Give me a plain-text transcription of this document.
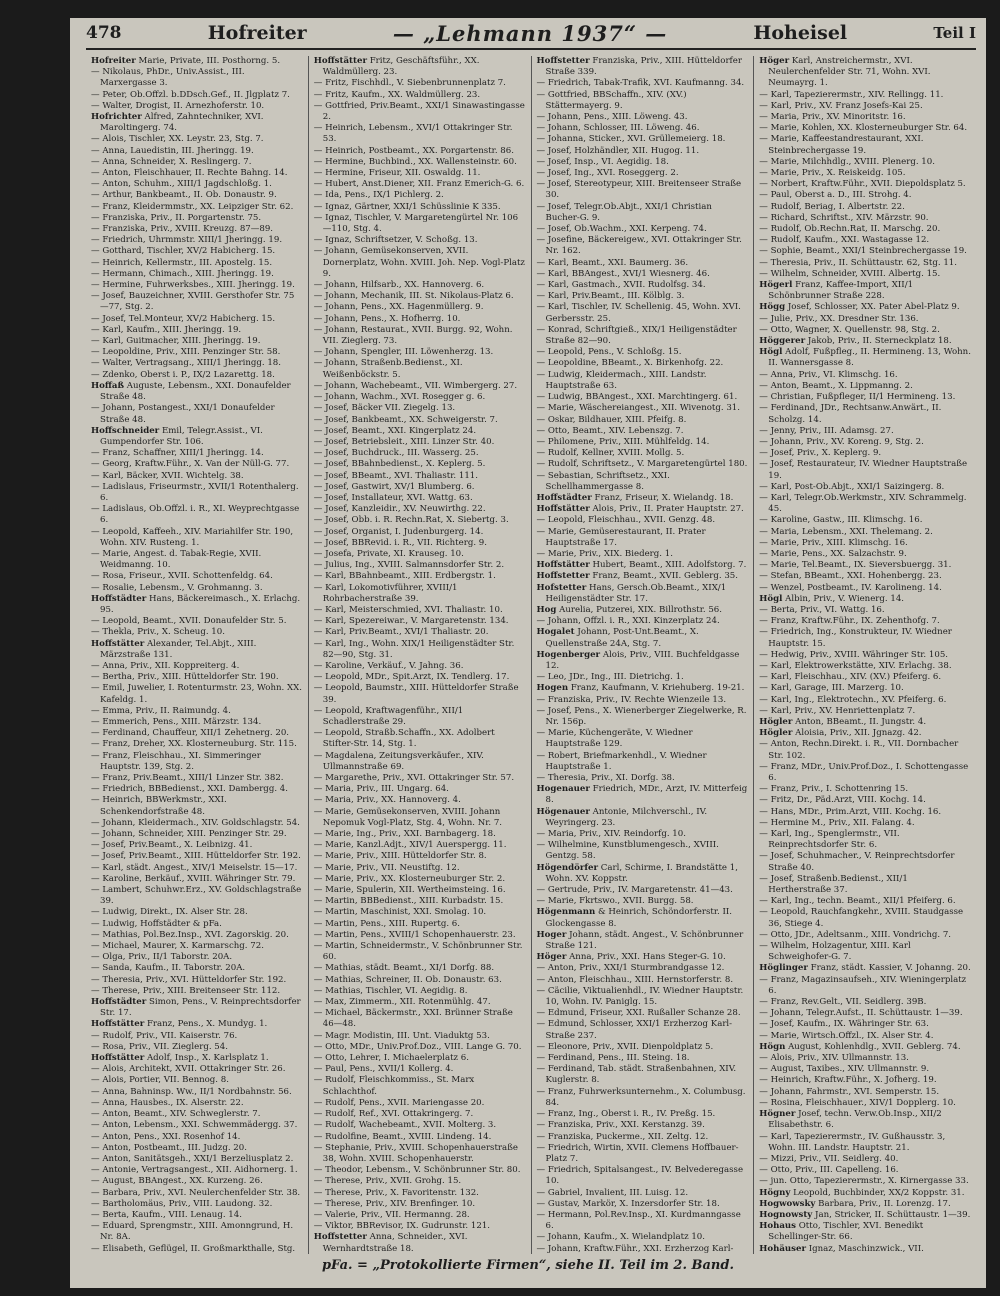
478	Hofreiter	— „Lehmann 1937“ —	Hoheisel	Teil I
Hofreiter Marie, Private, III. Posthorng. 5.
— Nikolaus, PhDr., Univ.Assist., III. Marxergasse 3.
— Peter, Ob.Offzl. b.DDsch.Gef., II. Jlgplatz 7.
— Walter, Drogist, II. Arnezhoferstr. 10.
Hofrichter Alfred, Zahntechniker, XVI. Maroltingerg. 74.
— Alois, Tischler, XX. Leystr. 23, Stg. 7.
— Anna, Lauedistin, III. Jheringg. 19.
— Anna, Schneider, X. Reslingerg. 7.
— Anton, Fleischhauer, II. Rechte Bahng. 14.
— Anton, Schuhm., XIII/1 Jagdschloßg. 1.
— Arthur, Bankbeamt., II. Ob. Donaustr. 9.
— Franz, Kleidermmstr., XX. Leipziger Str. 62.
— Franziska, Priv., II. Porgartenstr. 75.
— Franziska, Priv., XVIII. Kreuzg. 87—89.
— Friedrich, Uhrmmstr. XIII/1 Jheringg. 19.
— Gotthard, Tischler, XV/2 Habicherg. 15.
— Heinrich, Kellermstr., III. Apostelg. 15.
— Hermann, Chimach., XIII. Jheringg. 19.
— Hermine, Fuhrwerksbes., XIII. Jheringg. 19.
— Josef, Bauzeichner, XVIII. Gersthofer Str. 75—77, Stg. 2.
— Josef, Tel.Monteur, XV/2 Habicherg. 15.
— Karl, Kaufm., XIII. Jheringg. 19.
— Karl, Guitmacher, XIII. Jheringg. 19.
— Leopoldine, Priv., XIII. Penzinger Str. 58.
— Walter, Vertragsang., XIII/1 Jheringg. 18.
— Zdenko, Oberst i. P., IX/2 Lazarettg. 18.
Hoffaß Auguste, Lebensm., XXI. Donaufelder Straße 48.
— Johann, Postangest., XXI/1 Donaufelder Straße 48.
Hoffschneider Emil, Telegr.Assist., VI. Gumpendorfer Str. 106.
— Franz, Schaffner, XIII/1 Jheringg. 14.
— Georg, Kraftw.Führ., X. Van der Nüll-G. 77.
— Karl, Bäcker, XVII. Wichtelg. 38.
— Ladislaus, Friseurmstr., XVII/1 Rotenthalerg. 6.
— Ladislaus, Ob.Offzl. i. R., XI. Weyprechtgasse 6.
— Leopold, Kaffeeh., XIV. Mariahilfer Str. 190, Wohn. XIV. Rusteng. 1.
— Marie, Angest. d. Tabak-Regie, XVII. Weidmanng. 10.
— Rosa, Friseur., XVII. Schottenfeldg. 64.
— Rosalie, Lebensm., V. Grohmanng. 3.
Hoffstädter Hans, Bäckereimasch., X. Erlachg. 95.
— Leopold, Beamt., XVII. Donaufelder Str. 5.
— Thekla, Priv., X. Scheug. 10.
Hoffstätter Alexander, Tel.Abjt., XIII. Märzstraße 131.
— Anna, Priv., XII. Koppreiterg. 4.
— Bertha, Priv., XIII. Hütteldorfer Str. 190.
— Emil, Juwelier, I. Rotenturmstr. 23, Wohn. XX. Kafeldg. 1.
— Emma, Priv., II. Raimundg. 4.
— Emmerich, Pens., XIII. Märzstr. 134.
— Ferdinand, Chauffeur, XII/1 Zehetnerg. 20.
— Franz, Dreher, XX. Klosterneuburg. Str. 115.
— Franz, Fleischhau., XI. Simmeringer Hauptstr. 139, Stg. 2.
— Franz, Priv.Beamt., XIII/1 Linzer Str. 382.
— Friedrich, BBBedienst., XXI. Dambergg. 4.
— Heinrich, BBWerkmstr., XXI. Schenkendorfstraße 48.
— Johann, Kleidermach., XIV. Goldschlagstr. 54.
— Johann, Schneider, XIII. Penzinger Str. 29.
— Josef, Priv.Beamt., X. Leibnizg. 41.
— Josef, Priv.Beamt., XIII. Hütteldorfer Str. 192.
— Karl, städt. Angest., XIV/1 Meiselstr. 15—17.
— Karoline, Berkäuf., XVIII. Währinger Str. 79.
— Lambert, Schuhwr.Erz., XV. Goldschlagstraße 39.
— Ludwig, Direkt., IX. Alser Str. 28.
— Ludwig, Hoffstädter & pFa.
— Mathias, Pol.Bez.Insp., XVI. Zagorskig. 20.
— Michael, Maurer, X. Karmarschg. 72.
— Olga, Priv., II/1 Taborstr. 20A.
— Sanda, Kaufm., II. Taborstr. 20A.
— Theresia, Priv., XVI. Hütteldorfer Str. 192.
— Therese, Priv., XIII. Breitenseer Str. 112.
Hoffstädter Simon, Pens., V. Reinprechtsdorfer Str. 17.
Hoffstätter Franz, Pens., X. Mundyg. 1.
— Rudolf, Priv., VII. Kaiserstr. 76.
— Rosa, Priv., VII. Zieglerg. 54.
Hoffstätter Adolf, Insp., X. Karlsplatz 1.
— Alois, Architekt, XVII. Ottakringer Str. 26.
— Alois, Portier, VII. Bennog. 8.
— Anna, Bahninsp. Ww., II/1 Nordbahnstr. 56.
— Anna, Hausbes., IX. Alserstr. 22.
— Anton, Beamt., XIV. Schweglerstr. 7.
— Anton, Lebensm., XXI. Schwemmädergg. 37.
— Anton, Pens., XXI. Rosenhof 14.
— Anton, Postbeamt., III. Judzg. 20.
— Anton, Sanitätsgeh., XXI/1 Berzeliusplatz 2.
— Antonie, Vertragsangest., XII. Aidhornerg. 1.
— August, BBAngest., XX. Kurzeng. 26.
— Barbara, Priv., XVI. Neulerchenfelder Str. 38.
— Bartholomäus, Priv., VIII. Laudong. 32.
— Berta, Kaufm., VIII. Lenaug. 14.
— Eduard, Sprengmstr., XIII. Amonngrund, H. Nr. 8A.
— Elisabeth, Geflügel, II. Großmarkthalle, Stg.
Hoffstätter Fritz, Geschäftsführ., XX. Waldmüllerg. 23.
— Fritz, Fischhdl., V. Siebenbrunnenplatz 7.
— Fritz, Kaufm., XX. Waldmüllerg. 23.
— Gottfried, Priv.Beamt., XXI/1 Sinawastingasse 2.
— Heinrich, Lebensm., XVI/1 Ottakringer Str. 53.
— Heinrich, Postbeamt., XX. Porgartenstr. 86.
— Hermine, Buchbind., XX. Wallensteinstr. 60.
— Hermine, Friseur, XII. Oswaldg. 11.
— Hubert, Anst.Diener, XII. Franz Emerich-G. 6.
— Ida, Pens., IX/1 Pichlerg. 2.
— Ignaz, Gärtner, XXI/1 Schüsslinie K 335.
— Ignaz, Tischler, V. Margaretengürtel Nr. 106—110, Stg. 4.
— Ignaz, Schriftsetzer, V. Schoßg. 13.
— Johann, Gemüsekonserven, XVII. Dornerplatz, Wohn. XVIII. Joh. Nep. Vogl-Platz 9.
— Johann, Hilfsarb., XX. Hannoverg. 6.
— Johann, Mechanik, III. St. Nikolaus-Platz 6.
— Johann, Pens., XX. Hagenmüllerg. 9.
— Johann, Pens., X. Hofherrg. 10.
— Johann, Restaurat., XVII. Burgg. 92, Wohn. VII. Zieglerg. 73.
— Johann, Spengler, III. Löwenherzg. 13.
— Johann, Straßenb.Bedienst., XI. Weißenböckstr. 5.
— Johann, Wachebeamt., VII. Wimbergerg. 27.
— Johann, Wachm., XVI. Rosegger g. 6.
— Josef, Bäcker VII. Ziegelg. 13.
— Josef, Bankbeamt., XX. Schweigerstr. 7.
— Josef, Beamt., XXI. Kingerplatz 24.
— Josef, Betriebsleit., XIII. Linzer Str. 40.
— Josef, Buchdruck., III. Wasserg. 25.
— Josef, BBahnbedienst., X. Keplerg. 5.
— Josef, BBeamt., XVI. Thaliastr. 111.
— Josef, Gastwirt, XV/1 Blumberg. 6.
— Josef, Installateur, XVI. Wattg. 63.
— Josef, Kanzleidir., XV. Neuwirthg. 22.
— Josef, Obb. i. R. Rechn.Rat, X. Siebertg. 3.
— Josef, Organist, I. Judenburgerg. 14.
— Josef, BBRevid. i. R., VII. Richterg. 9.
— Josefa, Private, XI. Krauseg. 10.
— Julius, Ing., XVIII. Salmannsdorfer Str. 2.
— Karl, BBahnbeamt., XIII. Erdbergstr. 1.
— Karl, Lokomotivführer, XVIII/1 Rohrbacherstraße 39.
— Karl, Meisterschmied, XVI. Thaliastr. 10.
— Karl, Spezereiwar., V. Margaretenstr. 134.
— Karl, Priv.Beamt., XVI/1 Thaliastr. 20.
— Karl, Ing., Wohn. XIX/1 Heiligenstädter Str. 82—90, Stg. 31.
— Karoline, Verkäuf., V. Jahng. 36.
— Leopold, MDr., Spit.Arzt, IX. Tendlerg. 17.
— Leopold, Baumstr., XIII. Hütteldorfer Straße 39.
— Leopold, Kraftwagenführ., XII/1 Schadlerstraße 29.
— Leopold, Straßb.Schaffn., XX. Adolbert Stifter-Str. 14, Stg. 1.
— Magdalena, Zeitungsverkäufer., XIV. Ullmannstraße 69.
— Margarethe, Priv., XVI. Ottakringer Str. 57.
— Maria, Priv., III. Ungarg. 64.
— Maria, Priv., XX. Hannoverg. 4.
— Marie, Gemüsekonserven, XVIII. Johann Nepomuk Vogl-Platz, Stg. 4, Wohn. Nr. 7.
— Marie, Ing., Priv., XXI. Barnbagerg. 18.
— Marie, Kanzl.Adjt., XIV/1 Auerspergg. 11.
— Marie, Priv., XIII. Hütteldorfer Str. 8.
— Marie, Priv., VII. Neustiftg. 12.
— Marie, Priv., XX. Klosterneuburger Str. 2.
— Marie, Spulerin, XII. Wertheimsteing. 16.
— Martin, BBBedienst., XIII. Kurbadstr. 15.
— Martin, Maschinist, XXI. Smolag. 10.
— Martin, Pens., XIII. Rupertg. 6.
— Martin, Pens., XVIII/1 Schopenhauerstr. 23.
— Martin, Schneidermstr., V. Schönbrunner Str. 60.
— Mathias, städt. Beamt., XI/1 Dorfg. 88.
— Mathias, Schreiner, II. Ob. Donaustr. 63.
— Mathias, Tischler, VI. Aegidig. 8.
— Max, Zimmerm., XII. Rotenmühlg. 47.
— Michael, Bäckermstr., XXI. Brünner Straße 46—48.
— Magr. Modistin, III. Unt. Viaduktg 53.
— Otto, MDr., Univ.Prof.Doz., VIII. Lange G. 70.
— Otto, Lehrer, I. Michaelerplatz 6.
— Paul, Pens., XVII/1 Kollerg. 4.
— Rudolf, Fleischkommiss., St. Marx Schlachthof.
— Rudolf, Pens., XVII. Mariengasse 20.
— Rudolf, Ref., XVI. Ottakringerg. 7.
— Rudolf, Wachebeamt., XVII. Molterg. 3.
— Rudolfine, Beamt., XVIII. Lindeng. 14.
— Stephanie, Priv., XVIII. Schopenhauerstraße 38, Wohn. XVIII. Schopenhauerstr.
— Theodor, Lebensm., V. Schönbrunner Str. 80.
— Therese, Priv., XVII. Grohg. 15.
— Therese, Priv., X. Favoritenstr. 132.
— Therese, Priv., XIV. Brenfinger. 10.
— Valerie, Priv., VII. Hermanng. 28.
— Viktor, BBRevisor, IX. Gudrunstr. 121.
Hoffstetter Anna, Schneider., XVI. Wernhardtstraße 18.
Hoffstetter Franziska, Priv., XIII. Hütteldorfer Straße 339.
— Friedrich, Tabak-Trafik, XVI. Kaufmanng. 34.
— Gottfried, BBSchaffn., XIV. (XV.) Stättermayerg. 9.
— Johann, Pens., XIII. Löweng. 43.
— Johann, Schlosser, III. Löweng. 46.
— Johanna, Sticker., XVI. Grüllemeierg. 18.
— Josef, Holzhändler, XII. Hugog. 11.
— Josef, Insp., VI. Aegidig. 18.
— Josef, Ing., XVI. Roseggerg. 2.
— Josef, Stereotypeur, XIII. Breitenseer Straße 30.
— Josef, Telegr.Ob.Abjt., XXI/1 Christian Bucher-G. 9.
— Josef, Ob.Wachm., XXI. Kerpeng. 74.
— Josefine, Bäckereigew., XVI. Ottakringer Str. Nr. 162.
— Karl, Beamt., XXI. Baumerg. 36.
— Karl, BBAngest., XVI/1 Wiesnerg. 46.
— Karl, Gastmach., XVII. Rudolfsg. 34.
— Karl, Priv.Beamt., III. Kölblg. 3.
— Karl, Tischler, IV. Schellenig. 45, Wohn. XVI. Gerbersstr. 25.
— Konrad, Schriftgieß., XIX/1 Heiligenstädter Straße 82—90.
— Leopold, Pens., V. Schloßg. 15.
— Leopoldine, BBeamt., X. Birkenhofg. 22.
— Ludwig, Kleidermach., XIII. Landstr. Hauptstraße 63.
— Ludwig, BBAngest., XXI. Marchtingerg. 61.
— Marie, Wäschereiangest., XII. Wivenotg. 31.
— Oskar, Bildhauer, XIII. Pfeifg. 8.
— Otto, Beamt., XIV. Lebenszg. 7.
— Philomene, Priv., XIII. Mühlfeldg. 14.
— Rudolf, Kellner, XVIII. Mollg. 5.
— Rudolf, Schriftsetz., V. Margaretengürtel 180.
— Sebastian, Schriftsetz., XXI. Schellhammergasse 8.
Hoffstädter Franz, Friseur, X. Wielandg. 18.
Hoffstätter Alois, Priv., II. Prater Hauptstr. 27.
— Leopold, Fleischhau., XVII. Genzg. 48.
— Marie, Gemüserestaurant, II. Prater Hauptstraße 17.
— Marie, Priv., XIX. Biederg. 1.
Hoffstätter Hubert, Beamt., XIII. Adolfstorg. 7.
Hoffstetter Franz, Beamt., XVII. Geblerg. 35.
Hofstetter Hans, Gersch.Ob.Beamt., XIX/1 Heiligenstädter Str. 17.
Hog Aurelia, Putzerei, XIX. Billrothstr. 56.
— Johann, Offzl. i. R., XXI. Kinzerplatz 24.
Hogalet Johann, Post-Unt.Beamt., X. Quellenstraße 24A, Stg. 7.
Hogenberger Alois, Priv., VIII. Buchfeldgasse 12.
— Leo, JDr., Ing., III. Dietrichg. 1.
Hogen Franz, Kaufmann, V. Kriehuberg. 19-21.
— Franziska, Priv., IV. Rechte Wienzeile 13.
— Josef, Pens., X. Wienerberger Ziegelwerke, R. Nr. 156p.
— Marie, Küchengeräte, V. Wiedner Hauptstraße 129.
— Robert, Briefmarkenhdl., V. Wiedner Hauptstraße 1.
— Theresia, Priv., XI. Dorfg. 38.
Hogenauer Friedrich, MDr., Arzt, IV. Mitterfeig 8.
Högenauer Antonie, Milchverschl., IV. Weyringerg. 23.
— Maria, Priv., XIV. Reindorfg. 10.
— Wilhelmine, Kunstblumengesch., XVIII. Gentzg. 58.
Högendörfer Carl, Schirme, I. Brandstätte 1, Wohn. XV. Koppstr.
— Gertrude, Priv., IV. Margaretenstr. 41—43.
— Marie, Fkrtswo., XVII. Burgg. 58.
Högenmann & Heinrich, Schöndorferstr. II. Glockengasse 8.
Hoger Johann, städt. Angest., V. Schönbrunner Straße 121.
Höger Anna, Priv., XXI. Hans Steger-G. 10.
— Anton, Priv., XXI/1 Sturmbrandgasse 12.
— Anton, Fleischhau., XIII. Hernstorferstr. 8.
— Cäcilie, Viktualienhdl., IV. Wiedner Hauptstr. 10, Wohn. IV. Paniglg. 15.
— Edmund, Friseur, XXI. Rußaller Schanze 28.
— Edmund, Schlosser, XXI/1 Erzherzog Karl-Straße 237.
— Eleonore, Priv., XVII. Dienpoldplatz 5.
— Ferdinand, Pens., III. Steing. 18.
— Ferdinand, Tab. städt. Straßenbahnen, XIV. Kuglerstr. 8.
— Franz, Fuhrwerksunternehm., X. Columbusg. 84.
— Franz, Ing., Oberst i. R., IV. Preßg. 15.
— Franziska, Priv., XXI. Kerstanzg. 39.
— Franziska, Puckerme., XII. Zeltg. 12.
— Friedrich, Wirtin, XVII. Clemens Hoffbauer-Platz 7.
— Friedrich, Spitalsangest., IV. Belvederegasse 10.
— Gabriel, Invalient, III. Luisg. 12.
— Gustav, Markör, X. Inzersdorfer Str. 18.
— Hermann, Pol.Rev.Insp., XI. Kurdmanngasse 6.
— Johann, Kaufm., X. Wielandplatz 10.
— Johann, Kraftw.Führ., XXI. Erzherzog Karl-
Höger Karl, Anstreichermstr., XVI. Neulerchenfelder Str. 71, Wohn. XVI. Neumayrg. 1.
— Karl, Tapezierermstr., XIV. Rellingg. 11.
— Karl, Priv., XV. Franz Josefs-Kai 25.
— Maria, Priv., XV. Minoritstr. 16.
— Marie, Kohlen, XX. Klosterneuburger Str. 64.
— Marie, Kaffeestandrestaurant, XXI. Steinbrechergasse 19.
— Marie, Milchhdlg., XVIII. Plenerg. 10.
— Marie, Priv., X. Reiskeidg. 105.
— Norbert, Kraftw.Führ., XVII. Diepoldsplatz 5.
— Paul, Oberst a. D., III. Strohg. 4.
— Rudolf, Beriag, I. Albertstr. 22.
— Richard, Schriftst., XIV. Märzstr. 90.
— Rudolf, Ob.Rechn.Rat, II. Marschg. 20.
— Rudolf, Kaufm., XXI. Wastagasse 12.
— Sophie, Beamt., XXI/1 Steinbrechergasse 19.
— Theresia, Priv., II. Schüttaustr. 62, Stg. 11.
— Wilhelm, Schneider, XVIII. Albertg. 15.
Högerl Franz, Kaffee-Import, XII/1 Schönbrunner Straße 228.
Högg Josef, Schlosser, XX. Pater Abel-Platz 9.
— Julie, Priv., XX. Dresdner Str. 136.
— Otto, Wagner, X. Quellenstr. 98, Stg. 2.
Höggerer Jakob, Priv., II. Sterneckplatz 18.
Högl Adolf, Fußpfleg., II. Hermineng. 13, Wohn. II. Wannersgasse 8.
— Anna, Priv., VI. Klimschg. 16.
— Anton, Beamt., X. Lippmanng. 2.
— Christian, Fußpfleger, II/1 Hermineng. 13.
— Ferdinand, JDr., Rechtsanw.Anwärt., II. Scholzg. 14.
— Jenny, Priv., III. Adamsg. 27.
— Johann, Priv., XV. Koreng. 9, Stg. 2.
— Josef, Priv., X. Keplerg. 9.
— Josef, Restaurateur, IV. Wiedner Hauptstraße 19.
— Karl, Post-Ob.Abjt., XXI/1 Saizingerg. 8.
— Karl, Telegr.Ob.Werkmstr., XIV. Schrammelg. 45.
— Karoline, Gastw., III. Klimschg. 16.
— Maria, Lebensm., XXI. Thelemang. 2.
— Marie, Priv., XIII. Klimschg. 16.
— Marie, Pens., XX. Salzachstr. 9.
— Marie, Tel.Beamt., IX. Sieversbuergg. 31.
— Stefan, BBeamt., XXI. Hohenbergg. 23.
— Wenzel, Postbeamt., IV. Karolineng. 14.
Högl Albin, Priv., V. Wienerg. 14.
— Berta, Priv., VI. Wattg. 16.
— Franz, Kraftw.Führ., IX. Zehenthofg. 7.
— Friedrich, Ing., Konstrukteur, IV. Wiedner Hauptstr. 15.
— Hedwig, Priv., XVIII. Währinger Str. 105.
— Karl, Elektrowerkstätte, XIV. Erlachg. 38.
— Karl, Fleischhau., XIV. (XV.) Pfeiferg. 6.
— Karl, Garage, III. Marzerg. 10.
— Karl, Ing., Elektrotechn., XV. Pfeiferg. 6.
— Karl, Priv., XV. Henriettenplatz 7.
Högler Anton, BBeamt., II. Jungstr. 4.
Högler Aloisia, Priv., XII. Jgnazg. 42.
— Anton, Rechn.Direkt. i. R., VII. Dornbacher Str. 102.
— Franz, MDr., Univ.Prof.Doz., I. Schottengasse 6.
— Franz, Priv., I. Schottenring 15.
— Fritz, Dr., Päd.Arzt, VIII. Kochg. 14.
— Hans, MDr., Prim.Arzt, VIII. Kochg. 16.
— Hermine M., Priv., XII. Falang. 4.
— Karl, Ing., Spenglermstr., VII. Reinprechtsdorfer Str. 6.
— Josef, Schuhmacher., V. Reinprechtsdorfer Straße 40.
— Josef, Straßenb.Bedienst., XII/1 Hertherstraße 37.
— Karl, Ing., techn. Beamt., XII/1 Pfeiferg. 6.
— Leopold, Rauchfangkehr., XVIII. Staudgasse 36, Stiege 4.
— Otto, JDr., Adeltsanm., XIII. Vondrichg. 7.
— Wilhelm, Holzagentur, XIII. Karl Schweighofer-G. 7.
Höglinger Franz, städt. Kassier, V. Johanng. 20.
— Franz, Magazinsaufseh., XIV. Wieningerplatz 6.
— Franz, Rev.Gelt., VII. Seidlerg. 39B.
— Johann, Telegr.Aufst., II. Schüttaustr. 1—39.
— Josef, Kaufm., IX. Währinger Str. 63.
— Marie, Wirtsch.Offzl., IX. Alser Str. 4.
Högn August, Kohlenhdlg., XVII. Geblerg. 74.
— Alois, Priv., XIV. Ullmannstr. 13.
— August, Taxibes., XIV. Ullmannstr. 9.
— Heinrich, Kraftw.Führ., X. Jofherg. 19.
— Johann, Fahrmstr., XVI. Semperstr. 15.
— Rosina, Fleischhauer., XIV/1 Dopplerg. 10.
Högner Josef, techn. Verw.Ob.Insp., XII/2 Elisabethstr. 6.
— Karl, Tapezierermstr., IV. Gußhausstr. 3, Wohn. III. Landstr. Hauptstr. 21.
— Mizzi, Priv., VII. Seidlerg. 40.
— Otto, Priv., III. Capelleng. 16.
— jun. Otto, Tapezierermstr., X. Kirnergasse 33.
Högny Leopold, Buchbinder, XX/2 Koppstr. 31.
Hogwowsky Barbara, Priv., II. Lorenzg. 17.
Hognowsty Jan, Stricker, II. Schüttaustr. 1—39.
Hohaus Otto, Tischler, XVI. Benedikt Schellinger-Str. 66.
Hohäuser Ignaz, Maschinzwick., VII.
pFa. = „Protokollierte Firmen“, siehe II. Teil im 2. Band.
